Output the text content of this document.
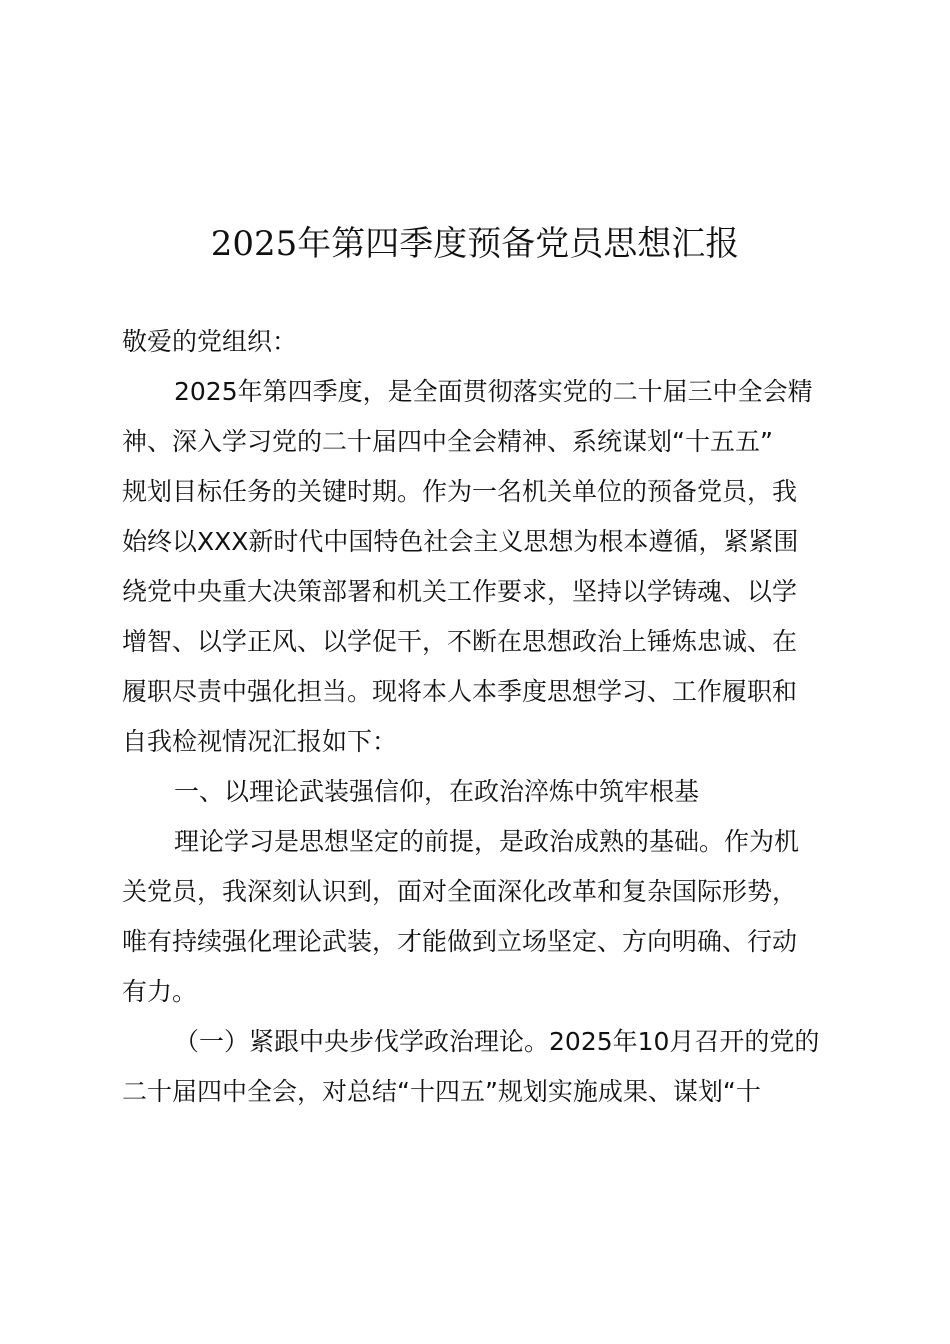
2025年第四季度预备党员思想汇报
敬爱的党组织：
2025年第四季度，是全面贯彻落实党的二十届三中全会精
神、深入学习党的二十届四中全会精神、系统谋划“十五五”
规划目标任务的关键时期。作为一名机关单位的预备党员，我
始终以XXX新时代中国特色社会主义思想为根本遵循，紧紧围
绕党中央重大决策部署和机关工作要求，坚持以学铸魂、以学
增智、以学正风、以学促干，不断在思想政治上锤炼忠诚、在
履职尽责中强化担当。现将本人本季度思想学习、工作履职和
自我检视情况汇报如下：
一、以理论武装强信仰，在政治淬炼中筑牢根基
理论学习是思想坚定的前提，是政治成熟的基础。作为机
关党员，我深刻认识到，面对全面深化改革和复杂国际形势，
唯有持续强化理论武装，才能做到立场坚定、方向明确、行动
有力。
（一）紧跟中央步伐学政治理论。2025年10月召开的党的
二十届四中全会，对总结“十四五”规划实施成果、谋划“十
